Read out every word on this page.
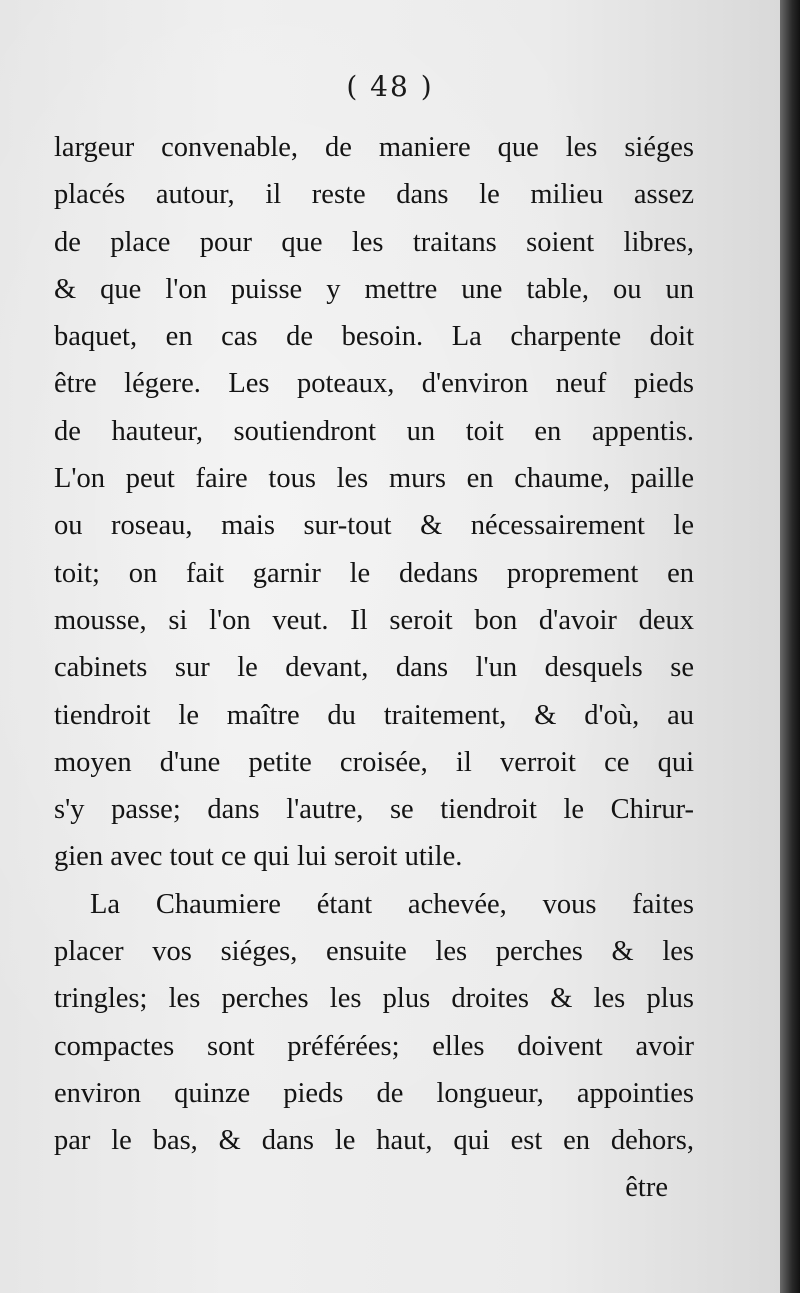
( 48 )
largeur convenable, de maniere que les siéges
placés autour, il reste dans le milieu assez
de place pour que les traitans soient libres,
& que l'on puisse y mettre une table, ou un
baquet, en cas de besoin. La charpente doit
être légere. Les poteaux, d'environ neuf pieds
de hauteur, soutiendront un toit en appentis.
L'on peut faire tous les murs en chaume, paille
ou roseau, mais sur-tout & nécessairement le
toit; on fait garnir le dedans proprement en
mousse, si l'on veut. Il seroit bon d'avoir deux
cabinets sur le devant, dans l'un desquels se
tiendroit le maître du traitement, & d'où, au
moyen d'une petite croisée, il verroit ce qui
s'y passe; dans l'autre, se tiendroit le Chirur-
gien avec tout ce qui lui seroit utile.
La Chaumiere étant achevée, vous faites
placer vos siéges, ensuite les perches & les
tringles; les perches les plus droites & les plus
compactes sont préférées; elles doivent avoir
environ quinze pieds de longueur, appointies
par le bas, & dans le haut, qui est en dehors,
être
